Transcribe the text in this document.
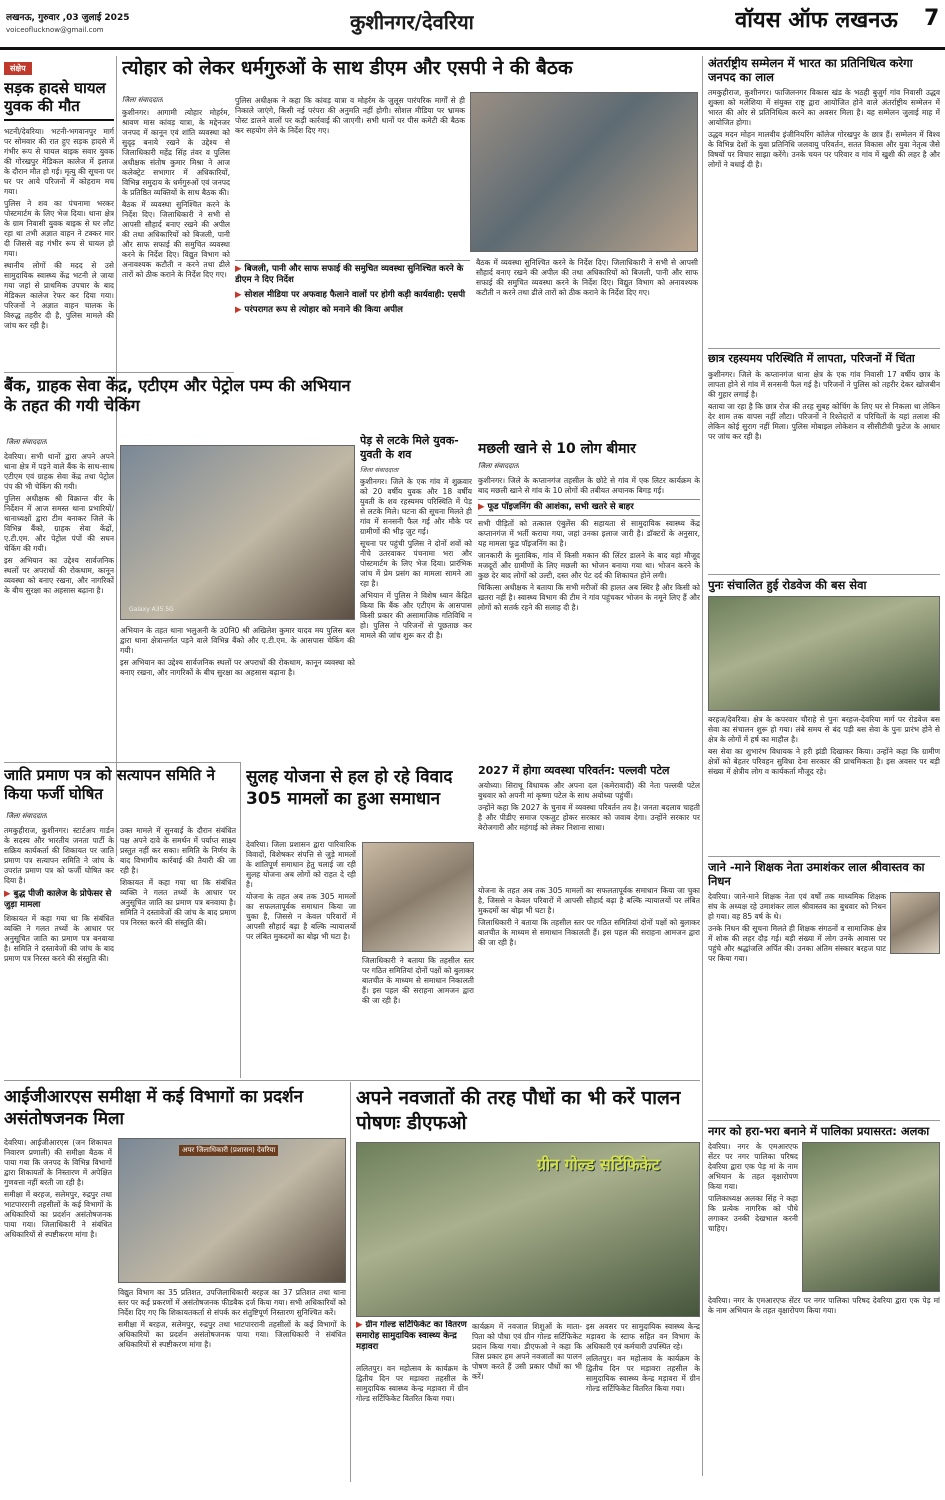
लखनऊ, गुरुवार ,03 जुलाई 2025
voiceoflucknow@gmail.com	कुशीनगर/देवरिया	वॉयस ऑफ लखनऊ 7
संक्षेप
सड़क हादसे घायल युवक की मौत

भटनी/देवरिया। भटनी-भगवानपुर मार्ग पर सोमवार की रात हुए सड़क हादसे में गंभीर रूप से घायल बाइक सवार युवक की गोरखपुर मेडिकल कालेज में इलाज के दौरान मौत हो गई। मृत्यु की सूचना पर घर पर आये परिजनों में कोहराम मच गया।

पुलिस ने शव का पंचनामा भरकर पोस्टमार्टम के लिए भेज दिया। थाना क्षेत्र के ग्राम निवासी युवक बाइक से घर लौट रहा था तभी अज्ञात वाहन ने टक्कर मार दी जिससे वह गंभीर रूप से घायल हो गया।

स्थानीय लोगों की मदद से उसे सामुदायिक स्वास्थ्य केंद्र भटनी ले जाया गया जहां से प्राथमिक उपचार के बाद मेडिकल कालेज रेफर कर दिया गया। परिजनों ने अज्ञात वाहन चालक के विरुद्ध तहरीर दी है, पुलिस मामले की जांच कर रही है।

त्योहार को लेकर धर्मगुरुओं के साथ डीएम और एसपी ने की बैठक
जिला संवाददाता

कुशीनगर। आगामी त्योहार मोहर्रम, श्रावण मास कांवड़ यात्रा, के मद्देनजर जनपद में कानून एवं शांति व्यवस्था को सुदृढ़ बनाये रखने के उद्देश्य से जिलाधिकारी महेंद्र सिंह तंवर व पुलिस अधीक्षक संतोष कुमार मिश्रा ने आज कलेक्ट्रेट सभागार में अधिकारियों, विभिन्न समुदाय के धर्मगुरुओं एवं जनपद के प्रतिष्ठित व्यक्तियों के साथ बैठक की।

बैठक में व्यवस्था सुनिश्चित करने के निर्देश दिए। जिलाधिकारी ने सभी से आपसी सौहार्द बनाए रखने की अपील की तथा अधिकारियों को बिजली, पानी और साफ सफाई की समुचित व्यवस्था करने के निर्देश दिए। विद्युत विभाग को अनावश्यक कटौती न करने तथा ढीले तारों को ठीक कराने के निर्देश दिए गए।

पुलिस अधीक्षक ने कहा कि कांवड़ यात्रा व मोहर्रम के जुलूस पारंपरिक मार्गों से ही निकाले जाएंगे, किसी नई परंपरा की अनुमति नहीं होगी। सोशल मीडिया पर भ्रामक पोस्ट डालने वालों पर कड़ी कार्रवाई की जाएगी। सभी थानों पर पीस कमेटी की बैठक कर सहयोग लेने के निर्देश दिए गए।

▶ बिजली, पानी और साफ सफाई की समुचित व्यवस्था सुनिश्चित करने के डीएम ने दिए निर्देश
▶ सोशल मीडिया पर अफवाह फैलाने वालों पर होगी कड़ी कार्यवाही: एसपी
▶ परंपरागत रूप से त्योहार को मनाने की किया अपील

बैठक में व्यवस्था सुनिश्चित करने के निर्देश दिए। जिलाधिकारी ने सभी से आपसी सौहार्द बनाए रखने की अपील की तथा अधिकारियों को बिजली, पानी और साफ सफाई की समुचित व्यवस्था करने के निर्देश दिए। विद्युत विभाग को अनावश्यक कटौती न करने तथा ढीले तारों को ठीक कराने के निर्देश दिए गए।

अंतर्राष्ट्रीय सम्मेलन में भारत का प्रतिनिधित्व करेगा जनपद का लाल

तमकुहीराज, कुशीनगर। फाजिलनगर विकास खंड के भठही बुजुर्ग गांव निवासी उद्धव शुक्ला को मलेशिया में संयुक्त राष्ट्र द्वारा आयोजित होने वाले अंतर्राष्ट्रीय सम्मेलन में भारत की ओर से प्रतिनिधित्व करने का अवसर मिला है। यह सम्मेलन जुलाई माह में आयोजित होगा।

उद्धव मदन मोहन मालवीय इंजीनियरिंग कॉलेज गोरखपुर के छात्र हैं। सम्मेलन में विश्व के विभिन्न देशों के युवा प्रतिनिधि जलवायु परिवर्तन, सतत विकास और युवा नेतृत्व जैसे विषयों पर विचार साझा करेंगे। उनके चयन पर परिवार व गांव में खुशी की लहर है और लोगों ने बधाई दी है।

छात्र रहस्यमय परिस्थिति में लापता, परिजनों में चिंता

कुशीनगर। जिले के कप्तानगंज थाना क्षेत्र के एक गांव निवासी 17 वर्षीय छात्र के लापता होने से गांव में सनसनी फैल गई है। परिजनों ने पुलिस को तहरीर देकर खोजबीन की गुहार लगाई है।

बताया जा रहा है कि छात्र रोज की तरह सुबह कोचिंग के लिए घर से निकला था लेकिन देर शाम तक वापस नहीं लौटा। परिजनों ने रिश्तेदारों व परिचितों के यहां तलाश की लेकिन कोई सुराग नहीं मिला। पुलिस मोबाइल लोकेशन व सीसीटीवी फुटेज के आधार पर जांच कर रही है।

पुनः संचालित हुई रोडवेज की बस सेवा

बरहज/देवरिया। क्षेत्र के कपरवार चौराहे से पुनः बरहज-देवरिया मार्ग पर रोडवेज बस सेवा का संचालन शुरू हो गया। लंबे समय से बंद पड़ी बस सेवा के पुनः प्रारंभ होने से क्षेत्र के लोगों में हर्ष का माहौल है।

बस सेवा का शुभारंभ विधायक ने हरी झंडी दिखाकर किया। उन्होंने कहा कि ग्रामीण क्षेत्रों को बेहतर परिवहन सुविधा देना सरकार की प्राथमिकता है। इस अवसर पर बड़ी संख्या में क्षेत्रीय लोग व कार्यकर्ता मौजूद रहे।

जाने -माने शिक्षक नेता उमाशंकर लाल श्रीवास्तव का निधन

देवरिया। जाने-माने शिक्षक नेता एवं वर्षों तक माध्यमिक शिक्षक संघ के अध्यक्ष रहे उमाशंकर लाल श्रीवास्तव का बुधवार को निधन हो गया। वह 85 वर्ष के थे।

उनके निधन की सूचना मिलते ही शिक्षक संगठनों व सामाजिक क्षेत्र में शोक की लहर दौड़ गई। बड़ी संख्या में लोग उनके आवास पर पहुंचे और श्रद्धांजलि अर्पित की। उनका अंतिम संस्कार बरहज घाट पर किया गया।

नगर को हरा-भरा बनाने में पालिका प्रयासरत: अलका

देवरिया। नगर के एमआरएफ सेंटर पर नगर पालिका परिषद देवरिया द्वारा एक पेड़ मां के नाम अभियान के तहत वृक्षारोपण किया गया।

पालिकाध्यक्ष अलका सिंह ने कहा कि प्रत्येक नागरिक को पौधे लगाकर उनकी देखभाल करनी चाहिए।

देवरिया। नगर के एमआरएफ सेंटर पर नगर पालिका परिषद देवरिया द्वारा एक पेड़ मां के नाम अभियान के तहत वृक्षारोपण किया गया।

बैंक, ग्राहक सेवा केंद्र, एटीएम और पेट्रोल पम्प की अभियान के तहत की गयी चेकिंग
जिला संवाददाता

देवरिया। सभी थानों द्वारा अपने अपने थाना क्षेत्र में पड़ने वाले बैंक के साथ-साथ एटीएम एवं ग्राहक सेवा केंद्र तथा पेट्रोल पंप की भी चेकिंग की गयी।

पुलिस अधीक्षक श्री विक्रान्त वीर के निर्देशन में आज समस्त थाना प्रभारियों/थानाध्यक्षों द्वारा टीम बनाकर जिले के विभिन्न बैंको, ग्राहक सेवा केंद्रों, ए.टी.एम. और पेट्रोल पंपों की सघन चेकिंग की गयी।

इस अभियान का उद्देश्य सार्वजनिक स्थलों पर अपराधों की रोकथाम, कानून व्यवस्था को बनाए रखना, और नागरिकों के बीच सुरक्षा का अहसास बढ़ाना है।

Galaxy A35 5G

अभियान के तहत थाना भलुअनी के उ0नि0 श्री अखिलेश कुमार यादव मय पुलिस बल द्वारा थाना क्षेत्रान्तर्गत पड़ने वाले विभिन्न बैंको और ए.टी.एम. के आसपास चेकिंग की गयी।

इस अभियान का उद्देश्य सार्वजनिक स्थलों पर अपराधों की रोकथाम, कानून व्यवस्था को बनाए रखना, और नागरिकों के बीच सुरक्षा का अहसास बढ़ाना है।

पेड़ से लटके मिले युवक-युवती के शव
जिला संवाददाता

कुशीनगर। जिले के एक गांव में शुक्रवार को 20 वर्षीय युवक और 18 वर्षीय युवती के शव रहस्यमय परिस्थिति में पेड़ से लटके मिले। घटना की सूचना मिलते ही गांव में सनसनी फैल गई और मौके पर ग्रामीणों की भीड़ जुट गई।

सूचना पर पहुंची पुलिस ने दोनों शवों को नीचे उतरवाकर पंचनामा भरा और पोस्टमार्टम के लिए भेज दिया। प्रारंभिक जांच में प्रेम प्रसंग का मामला सामने आ रहा है।

अभियान में पुलिस ने विशेष ध्यान केंद्रित किया कि बैंक और एटीएम के आसपास किसी प्रकार की असामाजिक गतिविधि न हो। पुलिस ने परिजनों से पूछताछ कर मामले की जांच शुरू कर दी है।

मछली खाने से 10 लोग बीमार
जिला संवाददाता

कुशीनगर। जिले के कप्तानगंज तहसील के छोटे से गांव में एक लिटर कार्यक्रम के बाद मछली खाने से गांव के 10 लोगों की तबीयत अचानक बिगड़ गई।

▶ फूड पॉइजनिंग की आशंका, सभी खतरे से बाहर

सभी पीड़ितों को तत्काल एंबुलेंस की सहायता से सामुदायिक स्वास्थ्य केंद्र कप्तानगंज में भर्ती कराया गया, जहां उनका इलाज जारी है। डॉक्टरों के अनुसार, यह मामला फूड पॉइजनिंग का है।

जानकारी के मुताबिक, गांव में किसी मकान की लिंटर डालने के बाद वहां मौजूद मजदूरों और ग्रामीणों के लिए मछली का भोजन बनाया गया था। भोजन करने के कुछ देर बाद लोगों को उल्टी, दस्त और पेट दर्द की शिकायत होने लगी।

चिकित्सा अधीक्षक ने बताया कि सभी मरीजों की हालत अब स्थिर है और किसी को खतरा नहीं है। स्वास्थ्य विभाग की टीम ने गांव पहुंचकर भोजन के नमूने लिए हैं और लोगों को सतर्क रहने की सलाह दी है।

जाति प्रमाण पत्र को सत्यापन समिति ने किया फर्जी घोषित
जिला संवाददाता

तमकुहीराज, कुशीनगर। स्टार्टअप गार्डन के सदस्य और भारतीय जनता पार्टी के सक्रिय कार्यकर्ता की शिकायत पर जाति प्रमाण पत्र सत्यापन समिति ने जांच के उपरांत प्रमाण पत्र को फर्जी घोषित कर दिया है।

▶ बुद्ध पीजी कालेज के प्रोफेसर से जुड़ा मामला

शिकायत में कहा गया था कि संबंधित व्यक्ति ने गलत तथ्यों के आधार पर अनुसूचित जाति का प्रमाण पत्र बनवाया है। समिति ने दस्तावेजों की जांच के बाद प्रमाण पत्र निरस्त करने की संस्तुति की।

उक्त मामले में सुनवाई के दौरान संबंधित पक्ष अपने दावे के समर्थन में पर्याप्त साक्ष्य प्रस्तुत नहीं कर सका। समिति के निर्णय के बाद विभागीय कार्रवाई की तैयारी की जा रही है।

शिकायत में कहा गया था कि संबंधित व्यक्ति ने गलत तथ्यों के आधार पर अनुसूचित जाति का प्रमाण पत्र बनवाया है। समिति ने दस्तावेजों की जांच के बाद प्रमाण पत्र निरस्त करने की संस्तुति की।

2027 में होगा व्यवस्था परिवर्तन: पल्लवी पटेल

अयोध्या। सिराथू विधायक और अपना दल (कमेरावादी) की नेता पल्लवी पटेल बुधवार को अपनी मां कृष्णा पटेल के साथ अयोध्या पहुंचीं।

उन्होंने कहा कि 2027 के चुनाव में व्यवस्था परिवर्तन तय है। जनता बदलाव चाहती है और पीडीए समाज एकजुट होकर सरकार को जवाब देगा। उन्होंने सरकार पर बेरोजगारी और महंगाई को लेकर निशाना साधा।

सुलह योजना से हल हो रहे विवाद 305 मामलों का हुआ समाधान

देवरिया। जिला प्रशासन द्वारा पारिवारिक विवादों, विशेषकर संपत्ति से जुड़े मामलों के शांतिपूर्ण समाधान हेतु चलाई जा रही सुलह योजना अब लोगों को राहत दे रही है।

योजना के तहत अब तक 305 मामलों का सफलतापूर्वक समाधान किया जा चुका है, जिससे न केवल परिवारों में आपसी सौहार्द बढ़ा है बल्कि न्यायालयों पर लंबित मुकदमों का बोझ भी घटा है।

जिलाधिकारी ने बताया कि तहसील स्तर पर गठित समितियां दोनों पक्षों को बुलाकर बातचीत के माध्यम से समाधान निकालती हैं। इस पहल की सराहना आमजन द्वारा की जा रही है।

योजना के तहत अब तक 305 मामलों का सफलतापूर्वक समाधान किया जा चुका है, जिससे न केवल परिवारों में आपसी सौहार्द बढ़ा है बल्कि न्यायालयों पर लंबित मुकदमों का बोझ भी घटा है।

जिलाधिकारी ने बताया कि तहसील स्तर पर गठित समितियां दोनों पक्षों को बुलाकर बातचीत के माध्यम से समाधान निकालती हैं। इस पहल की सराहना आमजन द्वारा की जा रही है।

आईजीआरएस समीक्षा में कई विभागों का प्रदर्शन असंतोषजनक मिला

देवरिया। आईजीआरएस (जन शिकायत निवारण प्रणाली) की समीक्षा बैठक में पाया गया कि जनपद के विभिन्न विभागों द्वारा शिकायतों के निस्तारण में अपेक्षित गुणवत्ता नहीं बरती जा रही है।

समीक्षा में बरहज, सलेमपुर, रुद्रपुर तथा भाटपाररानी तहसीलों के कई विभागों के अधिकारियों का प्रदर्शन असंतोषजनक पाया गया। जिलाधिकारी ने संबंधित अधिकारियों से स्पष्टीकरण मांगा है।

अपर जिलाधिकारी (प्रशासन) देवरिया

विद्युत विभाग का 35 प्रतिशत, उपजिलाधिकारी बरहज का 37 प्रतिशत तथा थाना स्तर पर कई प्रकरणों में असंतोषजनक फीडबैक दर्ज किया गया। सभी अधिकारियों को निर्देश दिए गए कि शिकायतकर्ता से संपर्क कर संतुष्टिपूर्ण निस्तारण सुनिश्चित करें।

समीक्षा में बरहज, सलेमपुर, रुद्रपुर तथा भाटपाररानी तहसीलों के कई विभागों के अधिकारियों का प्रदर्शन असंतोषजनक पाया गया। जिलाधिकारी ने संबंधित अधिकारियों से स्पष्टीकरण मांगा है।

अपने नवजातों की तरह पौधों का भी करें पालन पोषणः डीएफओ
ग्रीन गोल्ड सर्टिफिकेट
▶ ग्रीन गोल्ड सर्टिफिकेट का वितरण समारोह सामुदायिक स्वास्थ्य केन्द्र मड़ावरा

ललितपुर। वन महोत्सव के कार्यक्रम के द्वितीय दिन पर मड़ावरा तहसील के सामुदायिक स्वास्थ्य केन्द्र मड़ावरा में ग्रीन गोल्ड सर्टिफिकेट वितरित किया गया।

कार्यक्रम में नवजात शिशुओं के माता-पिता को पौधा एवं ग्रीन गोल्ड सर्टिफिकेट प्रदान किया गया। डीएफओ ने कहा कि जिस प्रकार हम अपने नवजातों का पालन पोषण करते हैं उसी प्रकार पौधों का भी करें।

इस अवसर पर सामुदायिक स्वास्थ्य केन्द्र मड़ावरा के स्टाफ सहित वन विभाग के अधिकारी एवं कर्मचारी उपस्थित रहे।

ललितपुर। वन महोत्सव के कार्यक्रम के द्वितीय दिन पर मड़ावरा तहसील के सामुदायिक स्वास्थ्य केन्द्र मड़ावरा में ग्रीन गोल्ड सर्टिफिकेट वितरित किया गया।
